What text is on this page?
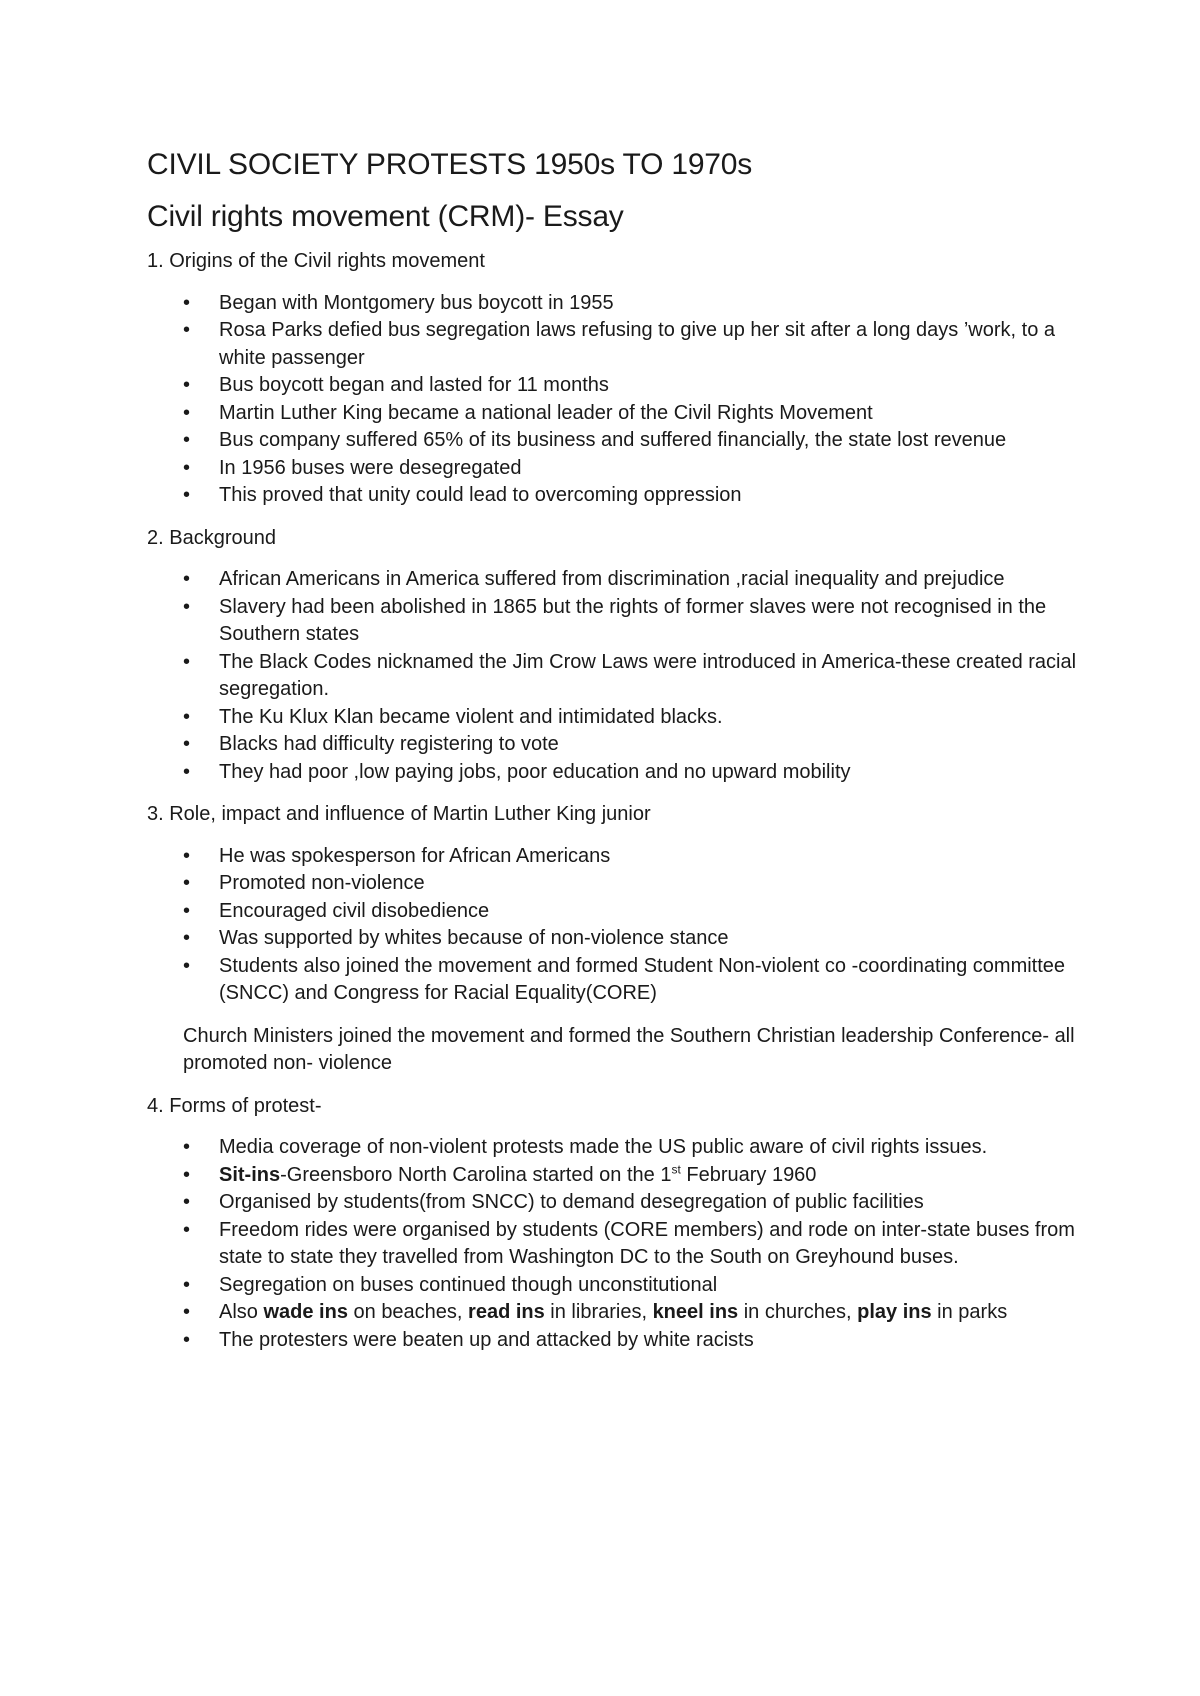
CIVIL SOCIETY PROTESTS 1950s TO 1970s
Civil rights movement (CRM)- Essay
1. Origins of the Civil rights movement
• Began with Montgomery bus boycott in 1955
• Rosa Parks defied bus segregation laws refusing to give up her sit after a long days ’work, to a white passenger
• Bus boycott began and lasted for 11 months
• Martin Luther King became a national leader of the Civil Rights Movement
• Bus company suffered 65% of its business and suffered financially, the state lost revenue
• In 1956 buses were desegregated
• This proved that unity could lead to overcoming oppression
2. Background
• African Americans in America suffered from discrimination ,racial inequality and prejudice
• Slavery had been abolished in 1865 but the rights of former slaves were not recognised in the Southern states
• The Black Codes nicknamed the Jim Crow Laws were introduced in America-these created racial segregation.
• The Ku Klux Klan became violent and intimidated blacks.
• Blacks had difficulty registering to vote
• They had poor ,low paying jobs, poor education and no upward mobility
3. Role, impact and influence of Martin Luther King junior
• He was spokesperson for African Americans
• Promoted non-violence
• Encouraged civil disobedience
• Was supported by whites because of non-violence stance
• Students also joined the movement and formed Student Non-violent co -coordinating committee (SNCC) and Congress for Racial Equality(CORE)

Church Ministers joined the movement and formed the Southern Christian leadership Conference- all promoted non- violence

4. Forms of protest-
• Media coverage of non-violent protests made the US public aware of civil rights issues.
• Sit-ins-Greensboro North Carolina started on the 1st February 1960
• Organised by students(from SNCC) to demand desegregation of public facilities
• Freedom rides were organised by students (CORE members) and rode on inter-state buses from state to state they travelled from Washington DC to the South on Greyhound buses.
• Segregation on buses continued though unconstitutional
• Also wade ins on beaches, read ins in libraries, kneel ins in churches, play ins in parks
• The protesters were beaten up and attacked by white racists
